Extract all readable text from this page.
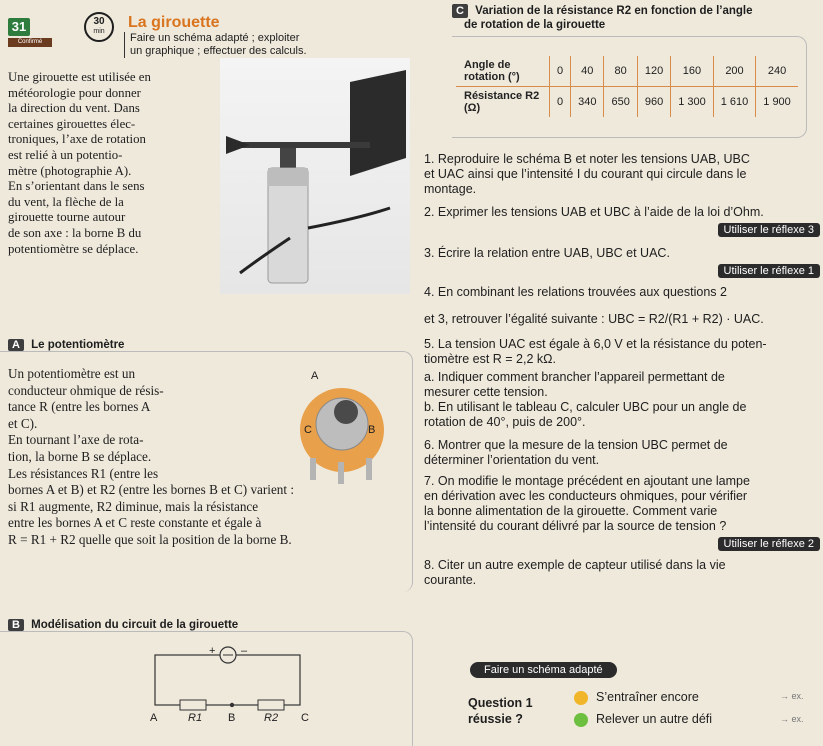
31
Confirmé
30
min
La girouette
Faire un schéma adapté ; exploiter
un graphique ; effectuer des calculs.
Une girouette est utilisée en
météorologie pour donner
la direction du vent. Dans
certaines girouettes élec-
troniques, l’axe de rotation
est relié à un potentio-
mètre (photographie A).
En s’orientant dans le sens
du vent, la flèche de la
girouette tourne autour
de son axe : la borne B du
potentiomètre se déplace.
A Le potentiomètre
Un potentiomètre est un
conducteur ohmique de résis-
tance R (entre les bornes A
et C).
En tournant l’axe de rota-
tion, la borne B se déplace.
Les résistances R1 (entre les
bornes A et B) et R2 (entre les bornes B et C) varient :
si R1 augmente, R2 diminue, mais la résistance
entre les bornes A et C reste constante et égale à
R = R1 + R2 quelle que soit la position de la borne B.
A
B
C
B Modélisation du circuit de la girouette
+ –
A	R1 B	R2 C
C Variation de la résistance R2 en fonction de l’angle
de rotation de la girouette
Angle de rotation (°)	0	40	80	120	160	200	240
Résistance R2 (Ω)	0	340	650	960	1 300	1 610	1 900
1. Reproduire le schéma B et noter les tensions UAB, UBC
et UAC ainsi que l’intensité I du courant qui circule dans le
montage.
2. Exprimer les tensions UAB et UBC à l’aide de la loi d’Ohm.
Utiliser le réflexe 3
3. Écrire la relation entre UAB, UBC et UAC.
Utiliser le réflexe 1
4. En combinant les relations trouvées aux questions 2
et 3, retrouver l’égalité suivante : UBC = R2/(R1 + R2) · UAC.
5. La tension UAC est égale à 6,0 V et la résistance du poten-
tiomètre est R = 2,2 kΩ.
a. Indiquer comment brancher l’appareil permettant de
mesurer cette tension.
b. En utilisant le tableau C, calculer UBC pour un angle de
rotation de 40°, puis de 200°.
6. Montrer que la mesure de la tension UBC permet de
déterminer l’orientation du vent.
7. On modifie le montage précédent en ajoutant une lampe
en dérivation avec les conducteurs ohmiques, pour vérifier
la bonne alimentation de la girouette. Comment varie
l’intensité du courant délivré par la source de tension ?
Utiliser le réflexe 2
8. Citer un autre exemple de capteur utilisé dans la vie
courante.
Faire un schéma adapté
Question 1
réussie ?
S’entraîner encore
Relever un autre défi
→ ex.
→ ex.
